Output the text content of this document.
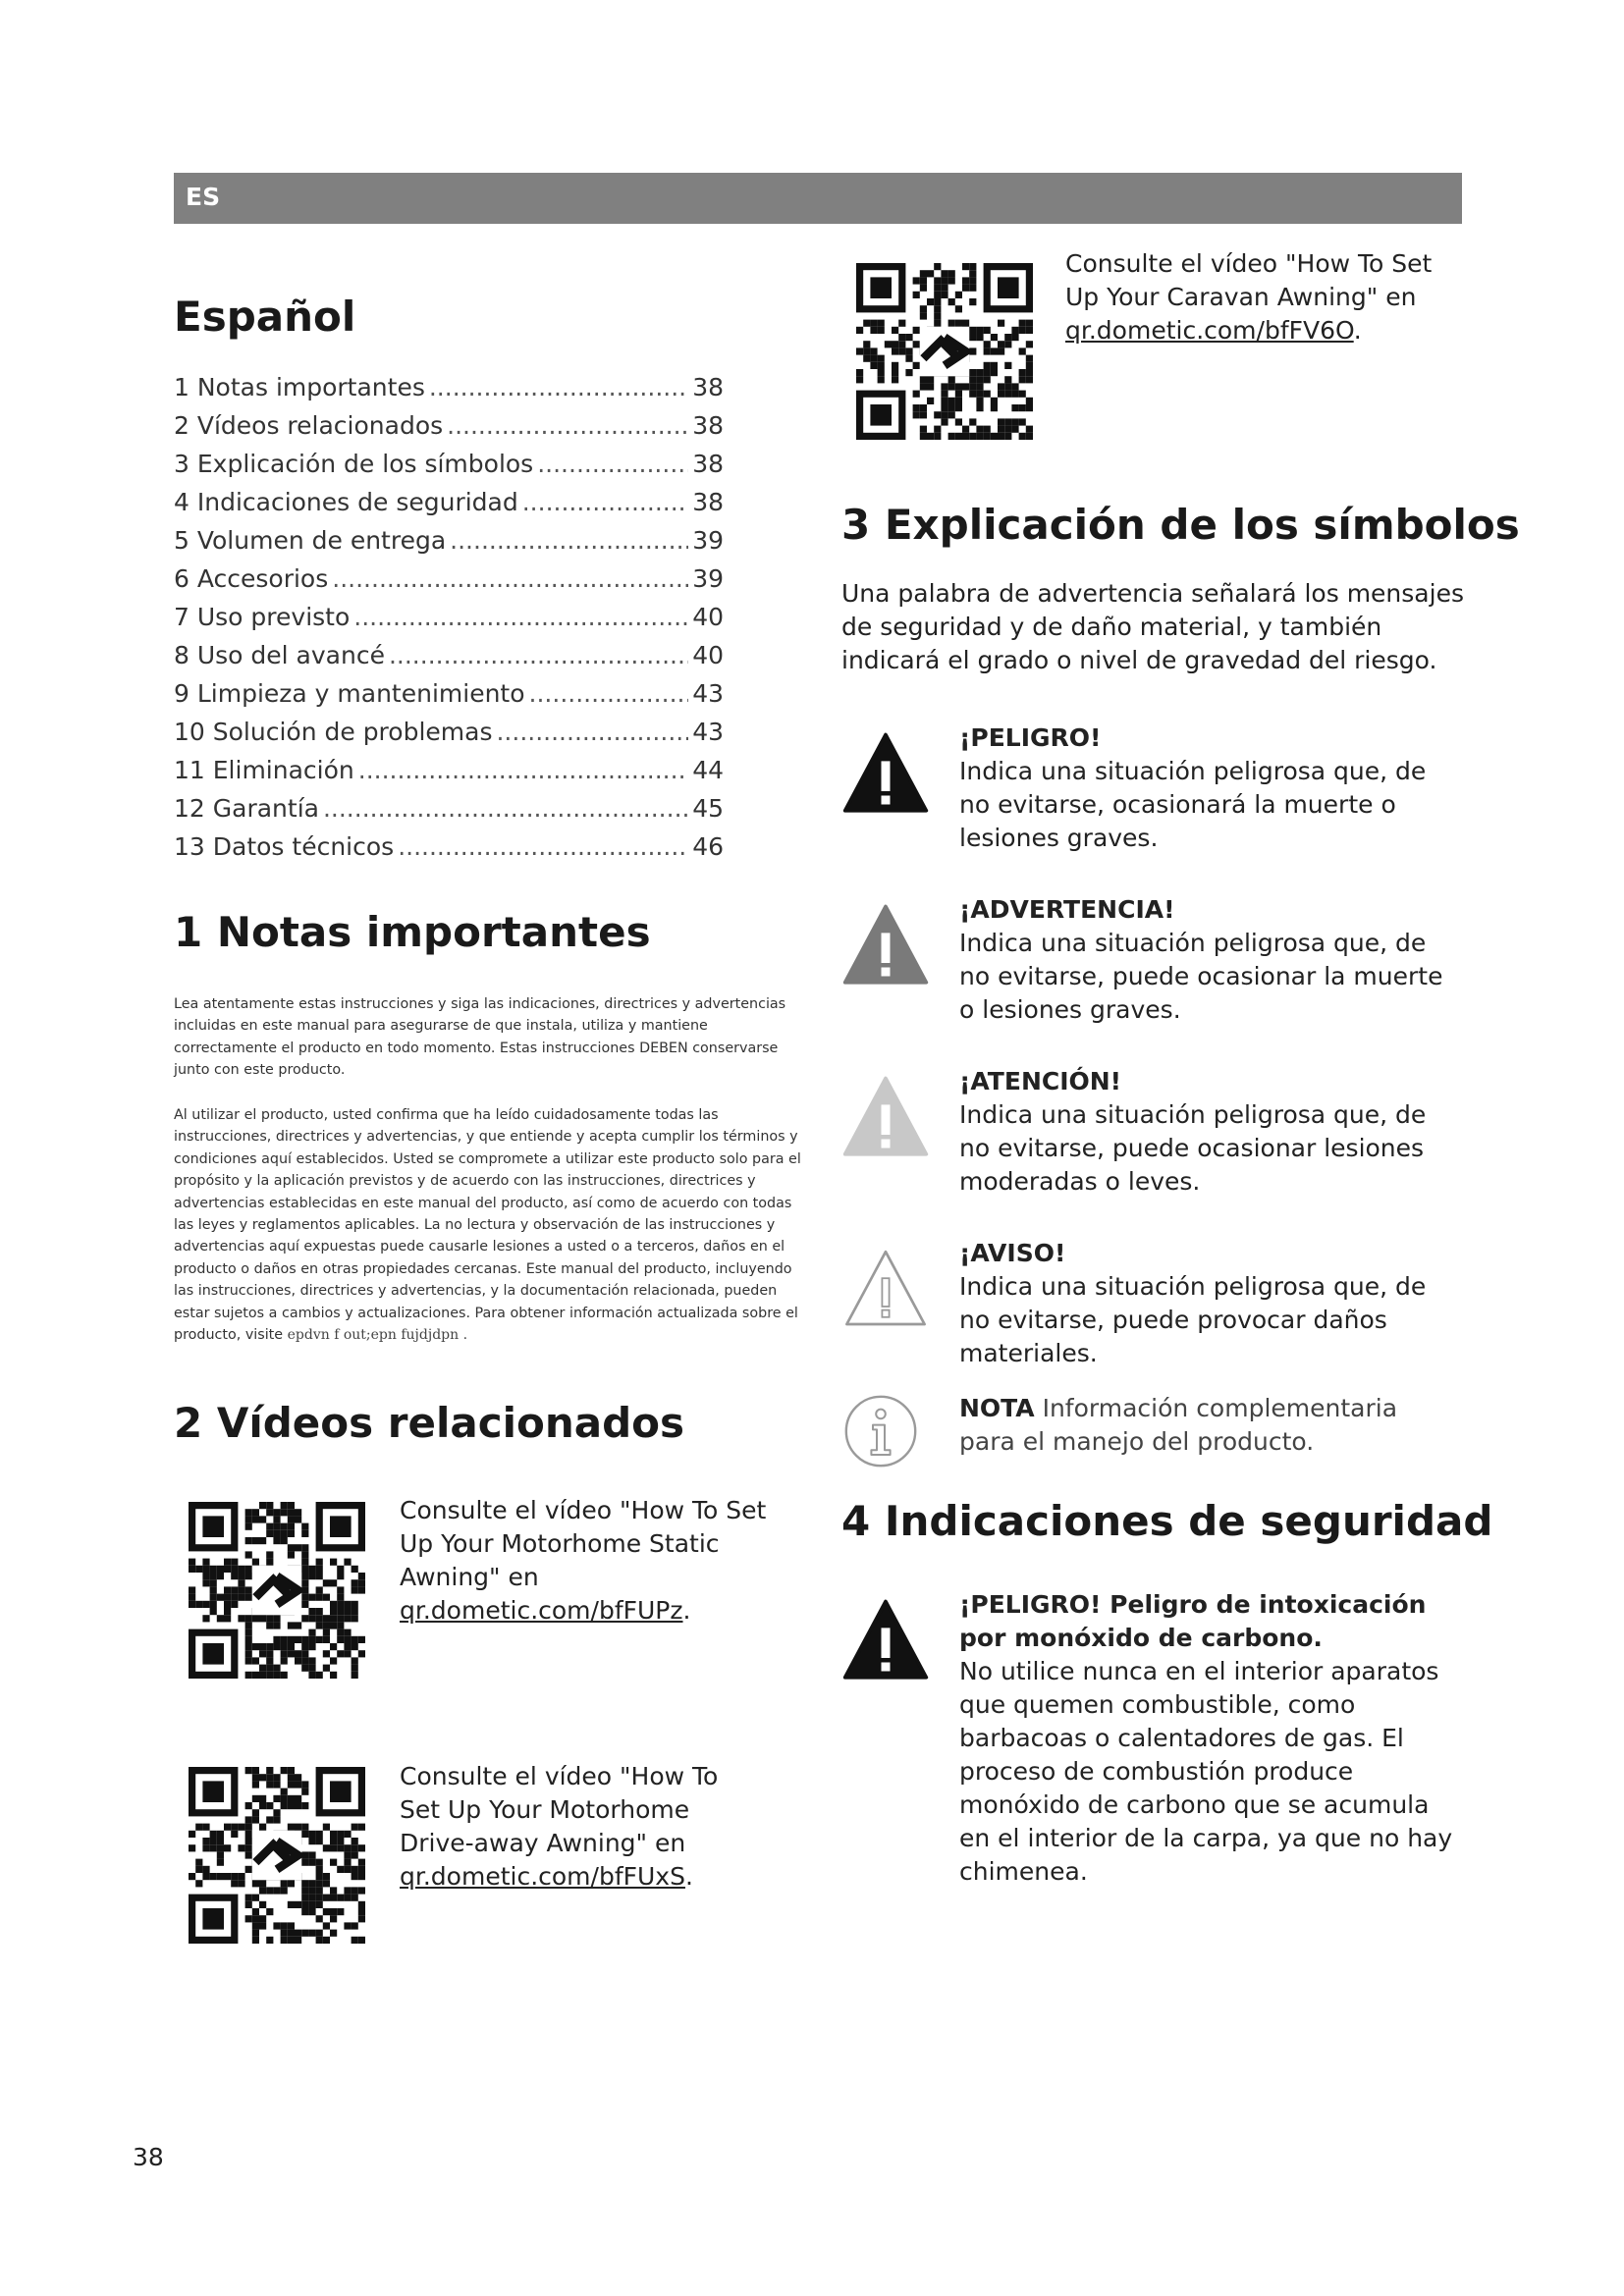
ES
Español
1 Notas importantes .....	38
2 Vídeos relacionados .....	38
3 Explicación de los símbolos .....	38
4 Indicaciones de seguridad .....	38
5 Volumen de entrega .....	39
6 Accesorios .....	39
7 Uso previsto .....	40
8 Uso del avancé .....	40
9 Limpieza y mantenimiento .....	43
10 Solución de problemas .....	43
11 Eliminación .....	44
12 Garantía .....	45
13 Datos técnicos .....	46
1 Notas importantes
Lea atentamente estas instrucciones y siga las indicaciones, directrices y advertencias incluidas en este manual para asegurarse de que instala, utiliza y mantiene correctamente el producto en todo momento. Estas instrucciones DEBEN conservarse junto con este producto.
Al utilizar el producto, usted confirma que ha leído cuidadosamente todas las instrucciones, directrices y advertencias, y que entiende y acepta cumplir los términos y condiciones aquí establecidos. Usted se compromete a utilizar este producto solo para el propósito y la aplicación previstos y de acuerdo con las instrucciones, directrices y advertencias establecidas en este manual del producto, así como de acuerdo con todas las leyes y reglamentos aplicables. La no lectura y observación de las instrucciones y advertencias aquí expuestas puede causarle lesiones a usted o a terceros, daños en el producto o daños en otras propiedades cercanas. Este manual del producto, incluyendo las instrucciones, directrices y advertencias, y la documentación relacionada, pueden estar sujetos a cambios y actualizaciones. Para obtener información actualizada sobre el producto, visite epdvn f out;epn fujdjdpn .
2 Vídeos relacionados
Consulte el vídeo "How To Set Up Your Motorhome Static Awning" en qr.dometic.com/bfFUPz.
Consulte el vídeo "How To Set Up Your Motorhome Drive-away Awning" en qr.dometic.com/bfFUxS.
Consulte el vídeo "How To Set Up Your Caravan Awning" en qr.dometic.com/bfFV6O.
3 Explicación de los símbolos
Una palabra de advertencia señalará los mensajes de seguridad y de daño material, y también indicará el grado o nivel de gravedad del riesgo.
¡PELIGRO!
Indica una situación peligrosa que, de no evitarse, ocasionará la muerte o lesiones graves.
¡ADVERTENCIA!
Indica una situación peligrosa que, de no evitarse, puede ocasionar la muerte o lesiones graves.
¡ATENCIÓN!
Indica una situación peligrosa que, de no evitarse, puede ocasionar lesiones moderadas o leves.
¡AVISO!
Indica una situación peligrosa que, de no evitarse, puede provocar daños materiales.
NOTA Información complementaria para el manejo del producto.
4 Indicaciones de seguridad
¡PELIGRO! Peligro de intoxicación por monóxido de carbono.
No utilice nunca en el interior aparatos que quemen combustible, como barbacoas o calentadores de gas. El proceso de combustión produce monóxido de carbono que se acumula en el interior de la carpa, ya que no hay chimenea.
38
